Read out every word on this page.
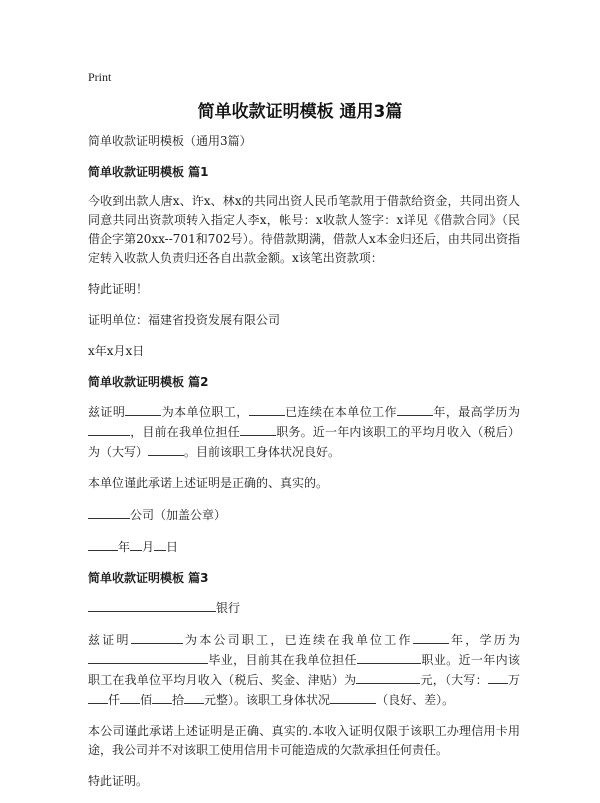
Print
简单收款证明模板 通用3篇

简单收款证明模板（通用3篇）

简单收款证明模板 篇1

今收到出款人唐x、许x、林x的共同出资人民币笔款用于借款给资金，共同出资人同意共同出资款项转入指定人李x，帐号：x收款人签字：x详见《借款合同》（民借企字第20xx--701和702号）。待借款期满，借款人x本金归还后，由共同出资指定转入收款人负责归还各自出款金额。x该笔出资款项：

特此证明！

证明单位：福建省投资发展有限公司

x年x月x日

简单收款证明模板 篇2

兹证明	为本单位职工，	已连续在本单位工作	年，最高学历为，目前在我单位担任	职务。近一年内该职工的平均月收入（税后）为（大写）	。目前该职工身体状况良好。

本单位谨此承诺上述证明是正确的、真实的。

公司（加盖公章）

年 月 日

简单收款证明模板 篇3

银行

兹证明	为本公司职工，已连续在我单位工作	年，学历为毕业，目前其在我单位担任	职业。近一年内该职工在我单位平均月收入（税后、奖金、津贴）为	元，（大写： 万仟 佰 拾 元整）。该职工身体状况	（良好、差）。

本公司谨此承诺上述证明是正确、真实的.本收入证明仅限于该职工办理信用卡用途，我公司并不对该职工使用信用卡可能造成的欠款承担任何责任。

特此证明。
